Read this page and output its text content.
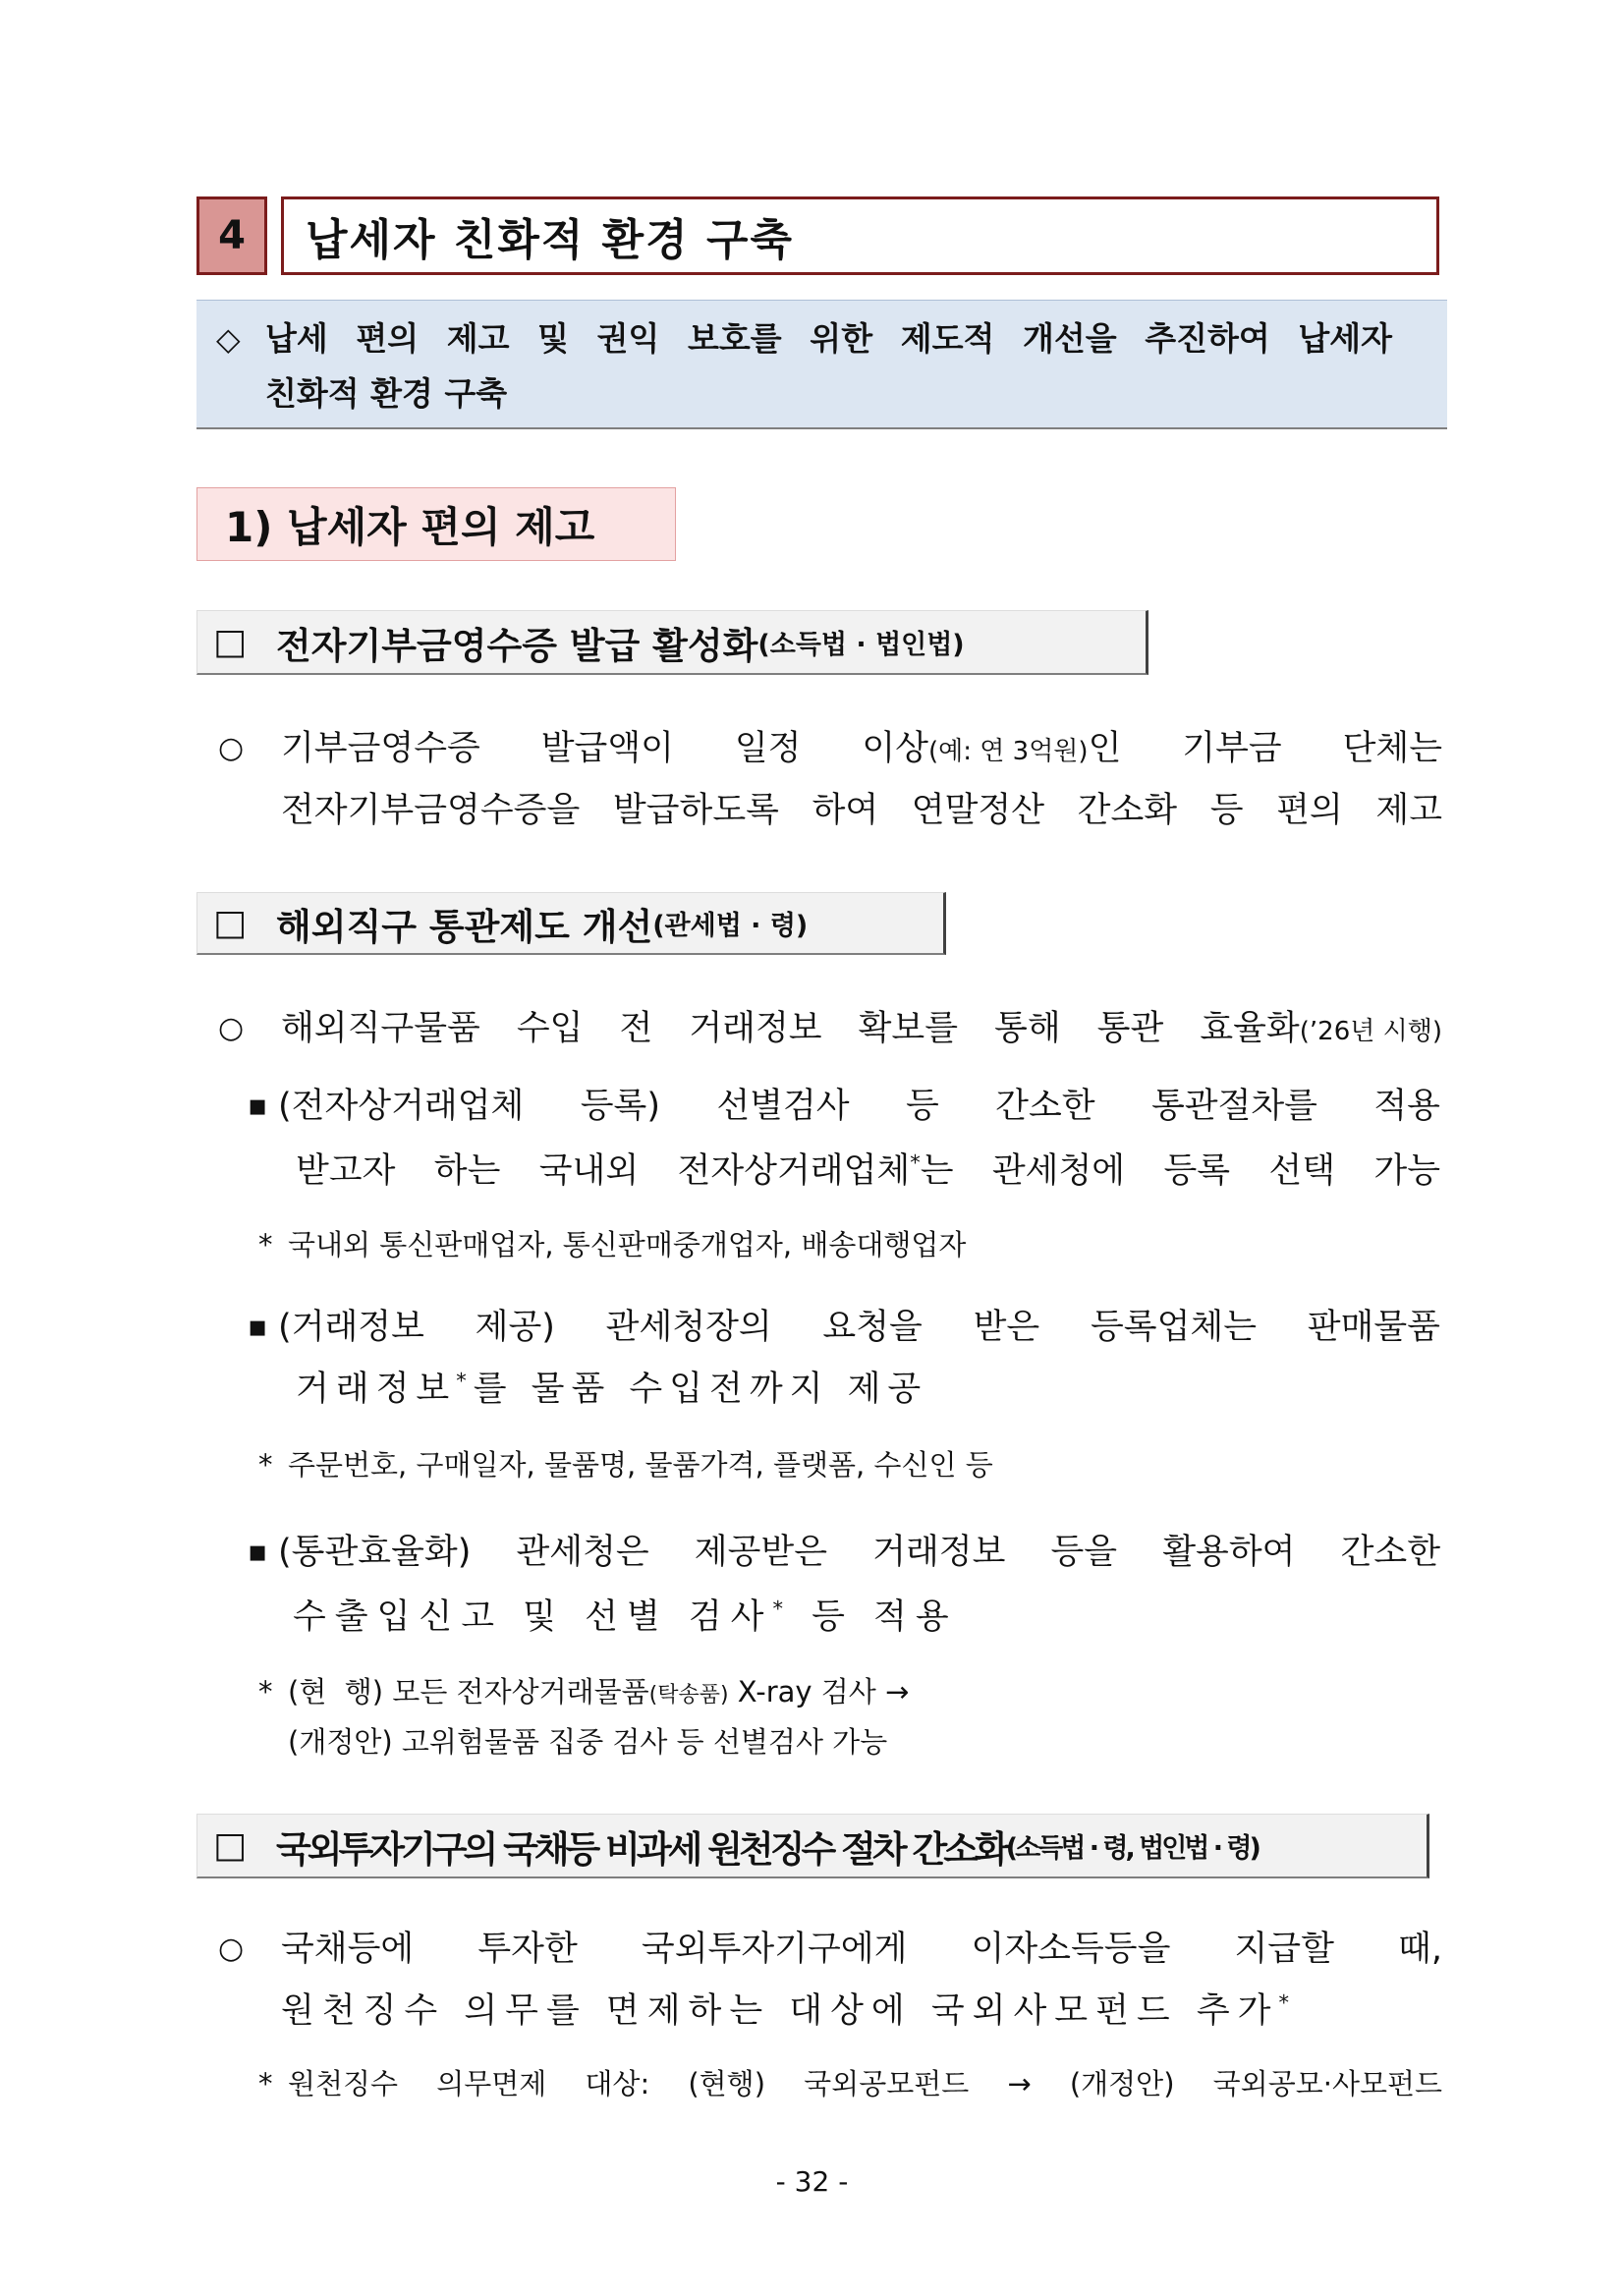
4 납세자 친화적 환경 구축
◇ 납세 편의 제고 및 권익 보호를 위한 제도적 개선을 추진하여 납세자
친화적 환경 구축
1) 납세자 편의 제고
□ 전자기부금영수증 발급 활성화 (소득법 · 법인법)
○ 기부금영수증 발급액이 일정 이상(예: 연 3억원)인 기부금 단체는
전자기부금영수증을 발급하도록 하여 연말정산 간소화 등 편의 제고
□ 해외직구 통관제도 개선 (관세법 · 령)
○ 해외직구물품 수입 전 거래정보 확보를 통해 통관 효율화(’26년 시행)
▪ (전자상거래업체 등록) 선별검사 등 간소한 통관절차를 적용
받고자 하는 국내외 전자상거래업체*는 관세청에 등록 선택 가능
* 국내외 통신판매업자, 통신판매중개업자, 배송대행업자
▪ (거래정보 제공) 관세청장의 요청을 받은 등록업체는 판매물품
거래정보*를 물품 수입전까지 제공
* 주문번호, 구매일자, 물품명, 물품가격, 플랫폼, 수신인 등
▪ (통관효율화) 관세청은 제공받은 거래정보 등을 활용하여 간소한
수출입신고 및 선별 검사* 등 적용
* (현  행) 모든 전자상거래물품(탁송품) X-ray 검사 →
(개정안) 고위험물품 집중 검사 등 선별검사 가능
□ 국외투자기구의 국채등 비과세 원천징수 절차 간소화 (소득법 · 령, 법인법 · 령)
○ 국채등에 투자한 국외투자기구에게 이자소득등을 지급할 때,
원천징수 의무를 면제하는 대상에 국외사모펀드 추가*
* 원천징수 의무면제 대상: (현행) 국외공모펀드 → (개정안) 국외공모·사모펀드
- 32 -
